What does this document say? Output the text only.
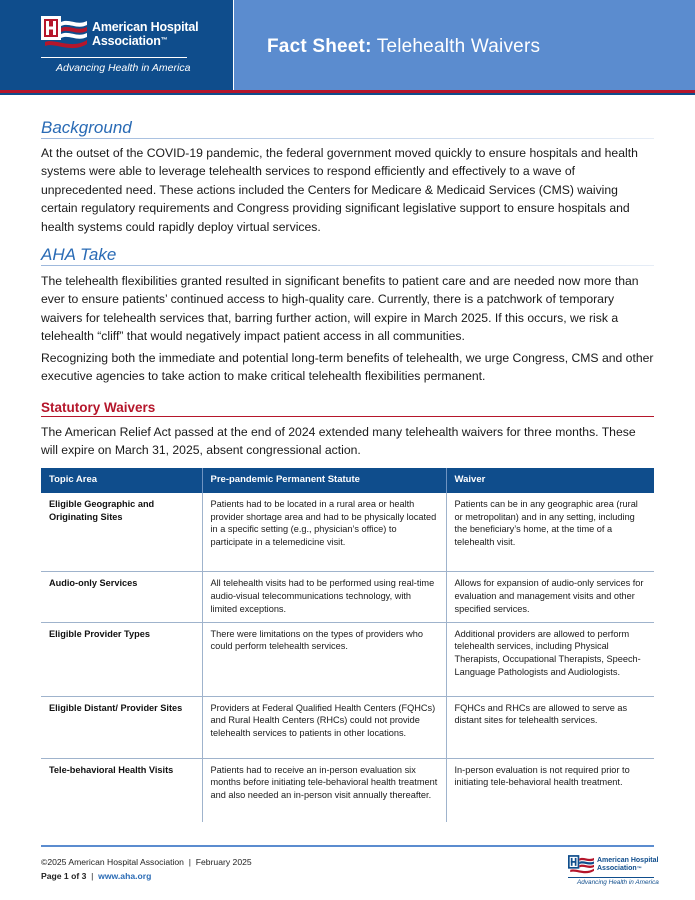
American Hospital
Association™
Advancing Health in America
Fact Sheet: Telehealth Waivers
Background
At the outset of the COVID-19 pandemic, the federal government moved quickly to ensure hospitals and health systems were able to leverage telehealth services to respond efficiently and effectively to a wave of unprecedented need. These actions included the Centers for Medicare & Medicaid Services (CMS) waiving certain regulatory requirements and Congress providing significant legislative support to ensure hospitals and health systems could rapidly deploy virtual services.
AHA Take
The telehealth flexibilities granted resulted in significant benefits to patient care and are needed now more than ever to ensure patients’ continued access to high-quality care. Currently, there is a patchwork of temporary waivers for telehealth services that, barring further action, will expire in March 2025. If this occurs, we risk a telehealth “cliff” that would negatively impact patient access in all communities.
Recognizing both the immediate and potential long-term benefits of telehealth, we urge Congress, CMS and other executive agencies to take action to make critical telehealth flexibilities permanent.
Statutory Waivers
The American Relief Act passed at the end of 2024 extended many telehealth waivers for three months. These will expire on March 31, 2025, absent congressional action.
Topic Area	Pre-pandemic Permanent Statute	Waiver
Eligible Geographic and Originating Sites	Patients had to be located in a rural area or health provider shortage area and had to be physically located in a specific setting (e.g., physician’s office) to participate in a telemedicine visit.	Patients can be in any geographic area (rural or metropolitan) and in any setting, including the beneficiary’s home, at the time of a telehealth visit.
Audio-only Services	All telehealth visits had to be performed using real-time audio-visual telecommunications technology, with limited exceptions.	Allows for expansion of audio-only services for evaluation and management visits and other specified services.
Eligible Provider Types	There were limitations on the types of providers who could perform telehealth services.	Additional providers are allowed to perform telehealth services, including Physical Therapists, Occupational Therapists, Speech-Language Pathologists and Audiologists.
Eligible Distant/ Provider Sites	Providers at Federal Qualified Health Centers (FQHCs) and Rural Health Centers (RHCs) could not provide telehealth services to patients in other locations.	FQHCs and RHCs are allowed to serve as distant sites for telehealth services.
Tele-behavioral Health Visits	Patients had to receive an in-person evaluation six months before initiating tele-behavioral health treatment and also needed an in-person visit annually thereafter.	In-person evaluation is not required prior to initiating tele-behavioral health treatment.
©2025 American Hospital Association  |  February 2025
Page 1 of 3  |  www.aha.org
American Hospital
Association™
Advancing Health in America
